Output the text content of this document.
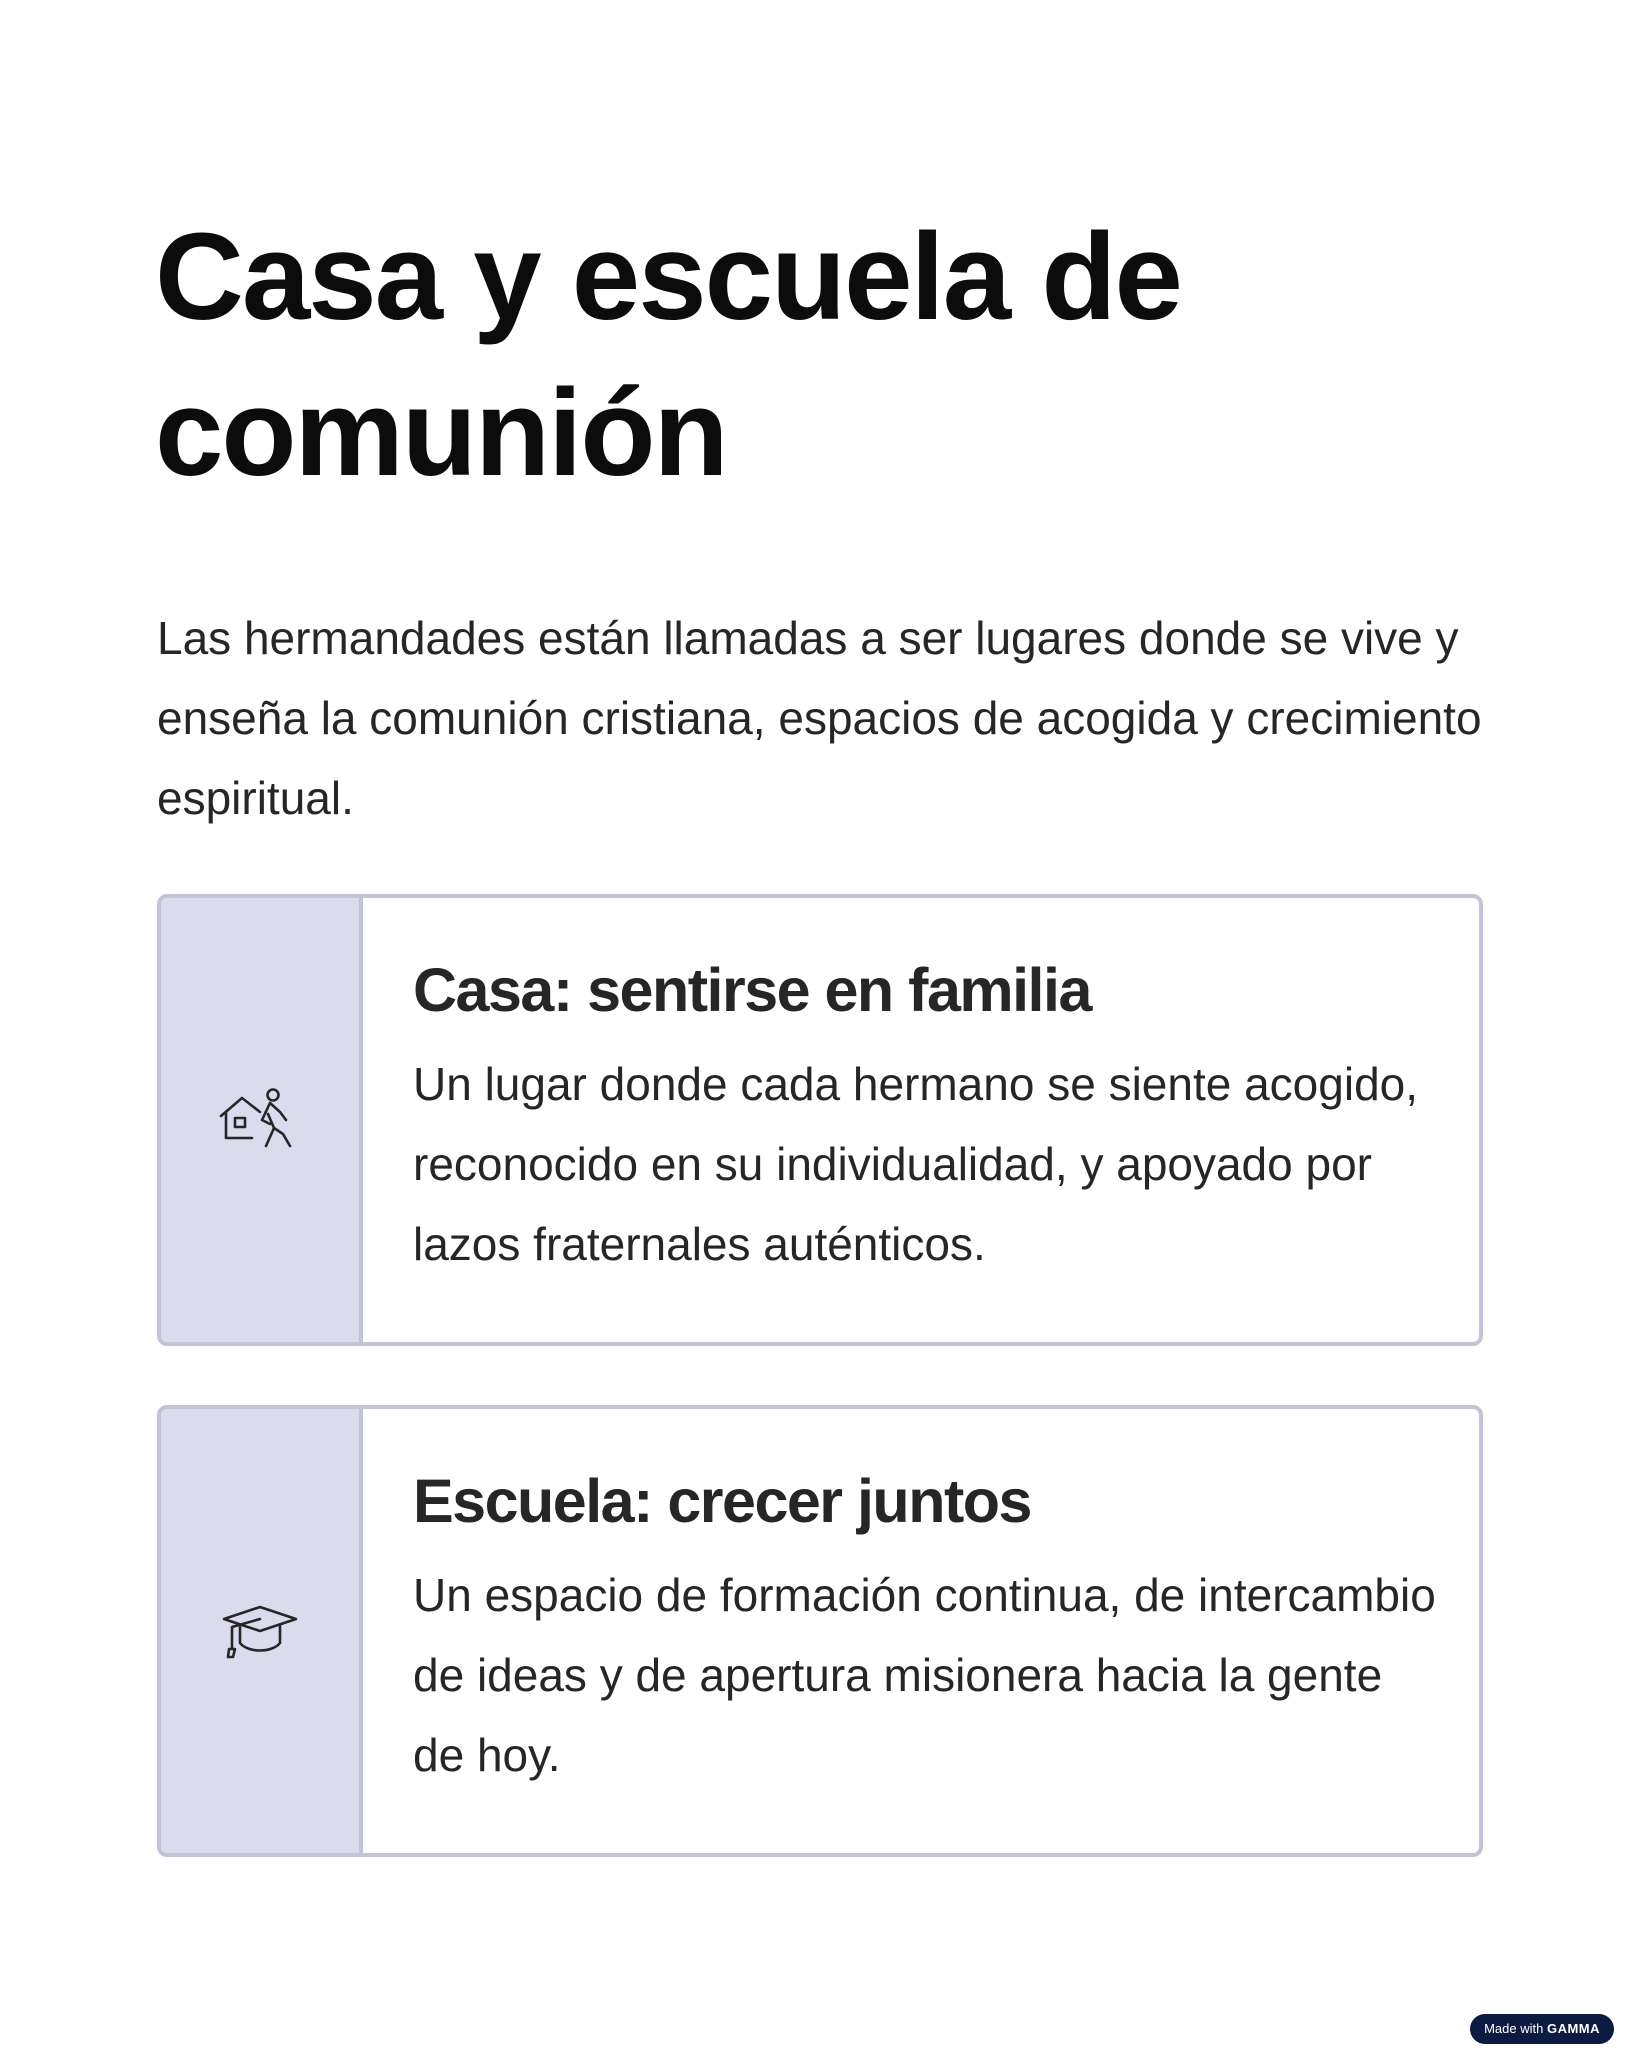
Casa y escuela de comunión

Las hermandades están llamadas a ser lugares donde se vive y enseña la comunión cristiana, espacios de acogida y crecimiento espiritual.

Casa: sentirse en familia

Un lugar donde cada hermano se siente acogido, reconocido en su individualidad, y apoyado por lazos fraternales auténticos.

Escuela: crecer juntos

Un espacio de formación continua, de intercambio de ideas y de apertura misionera hacia la gente de hoy.

Made with GAMMA
